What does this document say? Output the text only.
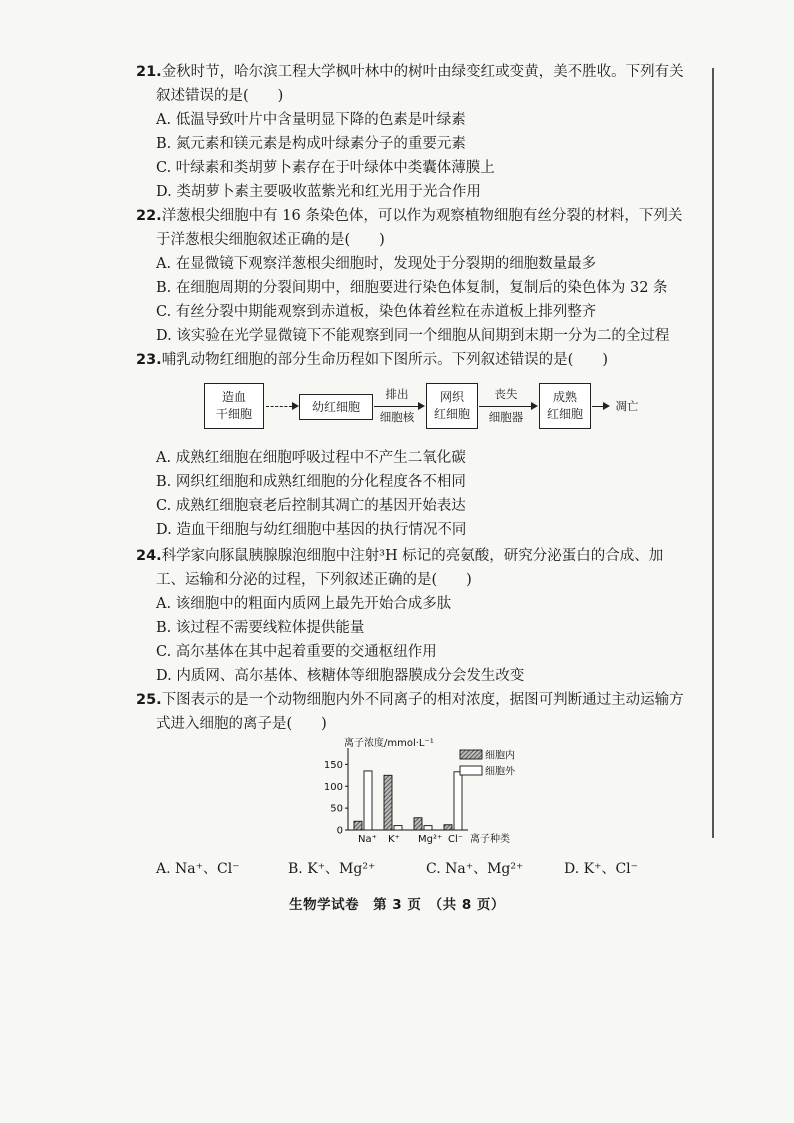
21.金秋时节，哈尔滨工程大学枫叶林中的树叶由绿变红或变黄，美不胜收。下列有关叙述错误的是(　　)

A. 低温导致叶片中含量明显下降的色素是叶绿素

B. 氮元素和镁元素是构成叶绿素分子的重要元素

C. 叶绿素和类胡萝卜素存在于叶绿体中类囊体薄膜上

D. 类胡萝卜素主要吸收蓝紫光和红光用于光合作用

22.洋葱根尖细胞中有 16 条染色体，可以作为观察植物细胞有丝分裂的材料，下列关于洋葱根尖细胞叙述正确的是(　　)

A. 在显微镜下观察洋葱根尖细胞时，发现处于分裂期的细胞数量最多

B. 在细胞周期的分裂间期中，细胞要进行染色体复制，复制后的染色体为 32 条

C. 有丝分裂中期能观察到赤道板，染色体着丝粒在赤道板上排列整齐

D. 该实验在光学显微镜下不能观察到同一个细胞从间期到末期一分为二的全过程

23.哺乳动物红细胞的部分生命历程如下图所示。下列叙述错误的是(　　)

造血
干细胞
幼红细胞
排出
细胞核
网织
红细胞
丧失
细胞器
成熟
红细胞
凋亡

A. 成熟红细胞在细胞呼吸过程中不产生二氧化碳

B. 网织红细胞和成熟红细胞的分化程度各不相同

C. 成熟红细胞衰老后控制其凋亡的基因开始表达

D. 造血干细胞与幼红细胞中基因的执行情况不同

24.科学家向豚鼠胰腺腺泡细胞中注射³H 标记的亮氨酸，研究分泌蛋白的合成、加工、运输和分泌的过程，下列叙述正确的是(　　)

A. 该细胞中的粗面内质网上最先开始合成多肽

B. 该过程不需要线粒体提供能量

C. 高尔基体在其中起着重要的交通枢纽作用

D. 内质网、高尔基体、核糖体等细胞器膜成分会发生改变

25.下图表示的是一个动物细胞内外不同离子的相对浓度，据图可判断通过主动运输方式进入细胞的离子是(　　)

离子浓度/mmol·L⁻¹
0
50
100
150
Na⁺ K⁺ Mg²⁺ Cl⁻ 离子种类
细胞内
细胞外
A. Na⁺、Cl⁻	B. K⁺、Mg²⁺	C. Na⁺、Mg²⁺	D. K⁺、Cl⁻
生物学试卷　第 3 页　（共 8 页）
